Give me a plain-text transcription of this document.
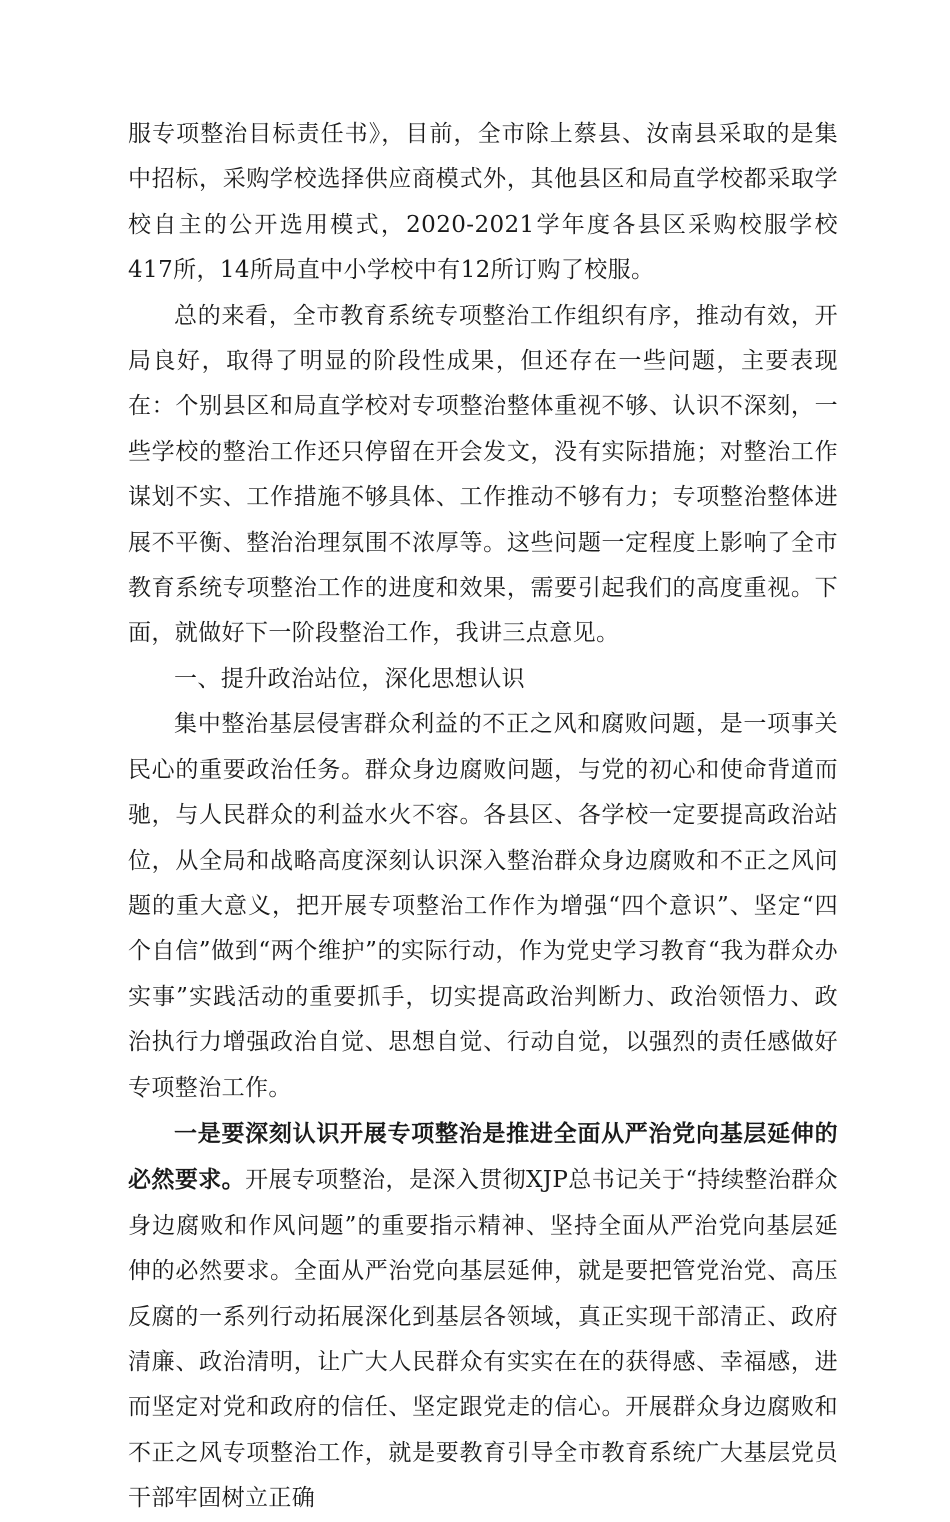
服专项整治目标责任书》，目前，全市除上蔡县、汝南县采取的是集中招标，采购学校选择供应商模式外，其他县区和局直学校都采取学校自主的公开选用模式，2020-2021学年度各县区采购校服学校417所，14所局直中小学校中有12所订购了校服。

总的来看，全市教育系统专项整治工作组织有序，推动有效，开局良好，取得了明显的阶段性成果，但还存在一些问题，主要表现在：个别县区和局直学校对专项整治整体重视不够、认识不深刻，一些学校的整治工作还只停留在开会发文，没有实际措施；对整治工作谋划不实、工作措施不够具体、工作推动不够有力；专项整治整体进展不平衡、整治治理氛围不浓厚等。这些问题一定程度上影响了全市教育系统专项整治工作的进度和效果，需要引起我们的高度重视。下面，就做好下一阶段整治工作，我讲三点意见。

一、提升政治站位，深化思想认识

集中整治基层侵害群众利益的不正之风和腐败问题，是一项事关民心的重要政治任务。群众身边腐败问题，与党的初心和使命背道而驰，与人民群众的利益水火不容。各县区、各学校一定要提高政治站位，从全局和战略高度深刻认识深入整治群众身边腐败和不正之风问题的重大意义，把开展专项整治工作作为增强“四个意识”、坚定“四个自信”做到“两个维护”的实际行动，作为党史学习教育“我为群众办实事”实践活动的重要抓手，切实提高政治判断力、政治领悟力、政治执行力增强政治自觉、思想自觉、行动自觉，以强烈的责任感做好专项整治工作。

一是要深刻认识开展专项整治是推进全面从严治党向基层延伸的必然要求。开展专项整治，是深入贯彻XJP总书记关于“持续整治群众身边腐败和作风问题”的重要指示精神、坚持全面从严治党向基层延伸的必然要求。全面从严治党向基层延伸，就是要把管党治党、高压反腐的一系列行动拓展深化到基层各领域，真正实现干部清正、政府清廉、政治清明，让广大人民群众有实实在在的获得感、幸福感，进而坚定对党和政府的信任、坚定跟党走的信心。开展群众身边腐败和不正之风专项整治工作，就是要教育引导全市教育系统广大基层党员干部牢固树立正确
